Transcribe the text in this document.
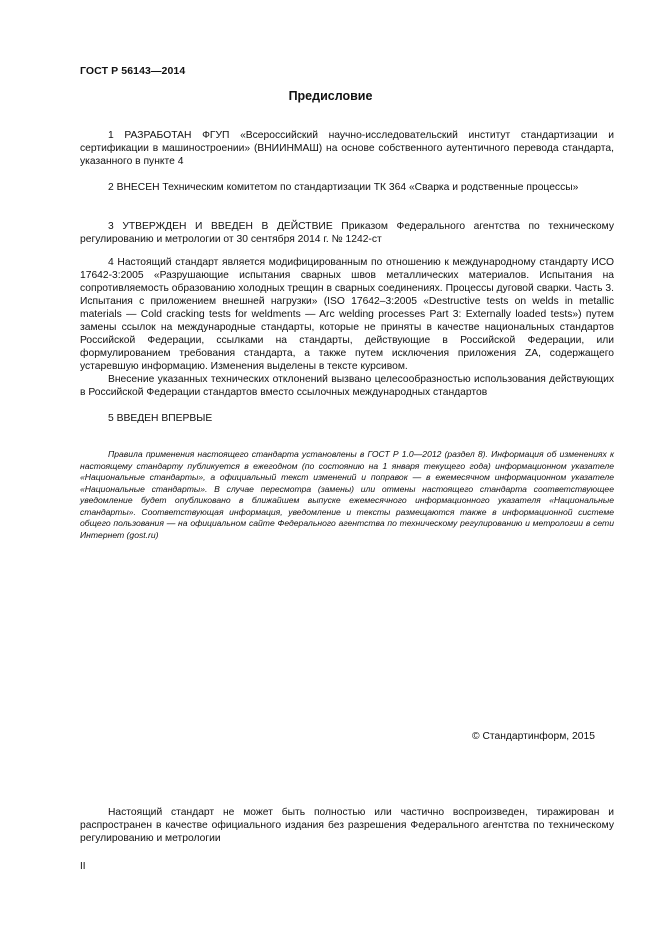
ГОСТ Р 56143—2014
Предисловие

1 РАЗРАБОТАН ФГУП «Всероссийский научно-исследовательский институт стандартизации и сертификации в машиностроении» (ВНИИНМАШ) на основе собственного аутентичного перевода стандарта, указанного в пункте 4

2 ВНЕСЕН Техническим комитетом по стандартизации ТК 364 «Сварка и родственные процессы»

3 УТВЕРЖДЕН И ВВЕДЕН В ДЕЙСТВИЕ Приказом Федерального агентства по техническому регулированию и метрологии от 30 сентября 2014 г. № 1242-ст

4 Настоящий стандарт является модифицированным по отношению к международному стандарту ИСО 17642-3:2005 «Разрушающие испытания сварных швов металлических материалов. Испытания на сопротивляемость образованию холодных трещин в сварных соединениях. Процессы дуговой сварки. Часть 3. Испытания с приложением внешней нагрузки» (ISO 17642–3:2005 «Destructive tests on welds in metallic materials — Cold cracking tests for weldments — Arc welding processes Part 3: Externally loaded tests») путем замены ссылок на международные стандарты, которые не приняты в качестве национальных стандартов Российской Федерации, ссылками на стандарты, действующие в Российской Федерации, или формулированием требования стандарта, а также путем исключения приложения ZA, содержащего устаревшую информацию. Изменения выделены в тексте курсивом.

Внесение указанных технических отклонений вызвано целесообразностью использования действующих в Российской Федерации стандартов вместо ссылочных международных стандартов

5 ВВЕДЕН ВПЕРВЫЕ

Правила применения настоящего стандарта установлены в ГОСТ Р 1.0—2012 (раздел 8). Информация об изменениях к настоящему стандарту публикуется в ежегодном (по состоянию на 1 января текущего года) информационном указателе «Национальные стандарты», а официальный текст изменений и поправок — в ежемесячном информационном указателе «Национальные стандарты». В случае пересмотра (замены) или отмены настоящего стандарта соответствующее уведомление будет опубликовано в ближайшем выпуске ежемесячного информационного указателя «Национальные стандарты». Соответствующая информация, уведомление и тексты размещаются также в информационной системе общего пользования — на официальном сайте Федерального агентства по техническому регулированию и метрологии в сети Интернет (gost.ru)
© Стандартинформ, 2015
Настоящий стандарт не может быть полностью или частично воспроизведен, тиражирован и распространен в качестве официального издания без разрешения Федерального агентства по техническому регулированию и метрологии
II
